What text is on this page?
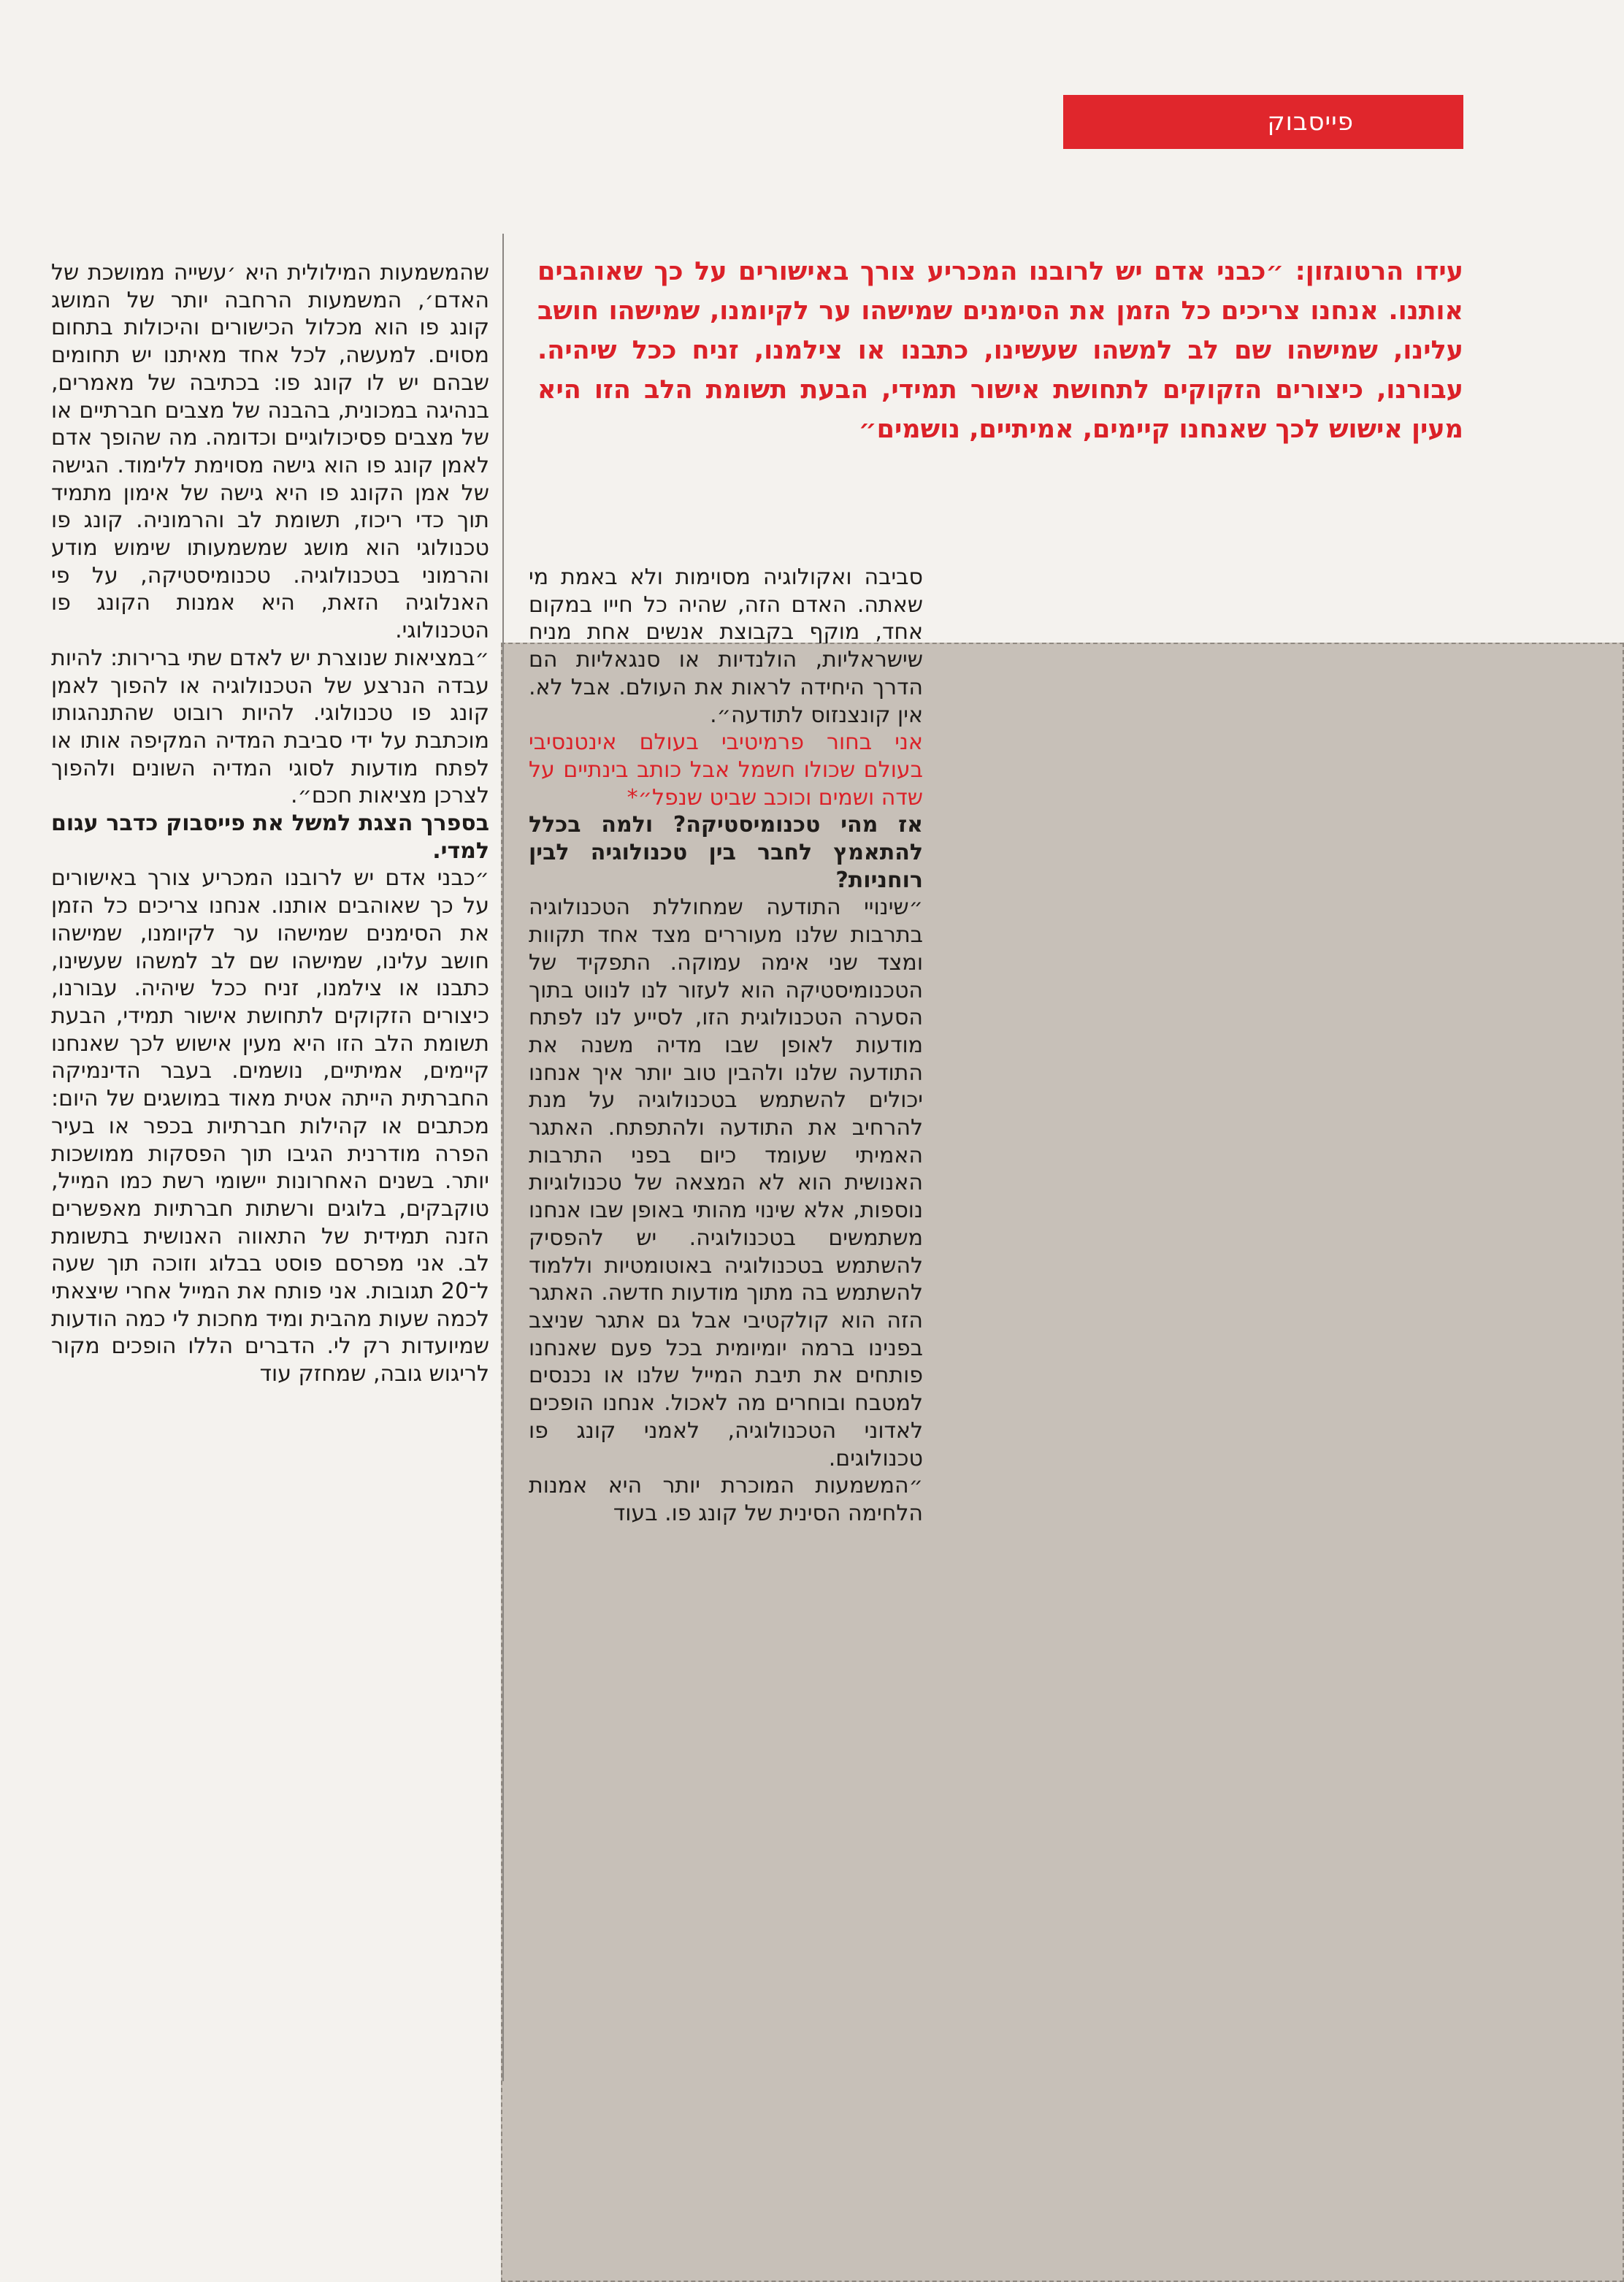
פייסבוק
עידו הרטוגזון: ״כבני אדם יש לרובנו המכריע צורך באישורים על כך שאוהבים אותנו. אנחנו צריכים כל הזמן את הסימנים שמישהו ער לקיומנו, שמישהו חושב עלינו, שמישהו שם לב למשהו שעשינו, כתבנו או צילמנו, זניח ככל שיהיה. עבורנו, כיצורים הזקוקים לתחושת אישור תמידי, הבעת תשומת הלב הזו היא מעין אישוש לכך שאנחנו קיימים, אמיתיים, נושמים״

סביבה ואקולוגיה מסוימות ולא באמת מי שאתה. האדם הזה, שהיה כל חייו במקום אחד, מוקף בקבוצת אנשים אחת מניח שישראליות, הולנדיות או סנגאליות הם הדרך היחידה לראות את העולם. אבל לא. אין קונצנזוס לתודעה״.

אני בחור פרמיטיבי בעולם אינטנסיבי בעולם שכולו חשמל אבל כותב בינתיים על שדה ושמים וכוכב שביט שנפל״*

אז מהי טכנומיסטיקה? ולמה בכלל להתאמץ לחבר בין טכנולוגיה לבין רוחניות?

״שינויי התודעה שמחוללת הטכנולוגיה בתרבות שלנו מעוררים מצד אחד תקוות ומצד שני אימה עמוקה. התפקיד של הטכנומיסטיקה הוא לעזור לנו לנווט בתוך הסערה הטכנולוגית הזו, לסייע לנו לפתח מודעות לאופן שבו מדיה משנה את התודעה שלנו ולהבין טוב יותר איך אנחנו יכולים להשתמש בטכנולוגיה על מנת להרחיב את התודעה ולהתפתח. האתגר האמיתי שעומד כיום בפני התרבות האנושית הוא לא המצאה של טכנולוגיות נוספות, אלא שינוי מהותי באופן שבו אנחנו משתמשים בטכנולוגיה. יש להפסיק להשתמש בטכנולוגיה באוטומטיות וללמוד להשתמש בה מתוך מודעות חדשה. האתגר הזה הוא קולקטיבי אבל גם אתגר שניצב בפנינו ברמה יומיומית בכל פעם שאנחנו פותחים את תיבת המייל שלנו או נכנסים למטבח ובוחרים מה לאכול. אנחנו הופכים לאדוני הטכנולוגיה, לאמני קונג פו טכנולוגים.

״המשמעות המוכרת יותר היא אמנות הלחימה הסינית של קונג פו. בעוד

שהמשמעות המילולית היא ׳עשייה ממושכת של האדם׳, המשמעות הרחבה יותר של המושג קונג פו הוא מכלול הכישורים והיכולות בתחום מסוים. למעשה, לכל אחד מאיתנו יש תחומים שבהם יש לו קונג פו: בכתיבה של מאמרים, בנהיגה במכונית, בהבנה של מצבים חברתיים או של מצבים פסיכולוגיים וכדומה. מה שהופך אדם לאמן קונג פו הוא גישה מסוימת ללימוד. הגישה של אמן הקונג פו היא גישה של אימון מתמיד תוך כדי ריכוז, תשומת לב והרמוניה. קונג פו טכנולוגי הוא מושג שמשמעותו שימוש מודע והרמוני בטכנולוגיה. טכנומיסטיקה, על פי האנלוגיה הזאת, היא אמנות הקונג פו הטכנולוגי.

״במציאות שנוצרת יש לאדם שתי ברירות: להיות עבדה הנרצע של הטכנולוגיה או להפוך לאמן קונג פו טכנולוגי. להיות רובוט שהתנהגותו מוכתבת על ידי סביבת המדיה המקיפה אותו או לפתח מודעות לסוגי המדיה השונים ולהפוך לצרכן מציאות חכם״.

בספרך הצגת למשל את פייסבוק כדבר עגום למדי.

״כבני אדם יש לרובנו המכריע צורך באישורים על כך שאוהבים אותנו. אנחנו צריכים כל הזמן את הסימנים שמישהו ער לקיומנו, שמישהו חושב עלינו, שמישהו שם לב למשהו שעשינו, כתבנו או צילמנו, זניח ככל שיהיה. עבורנו, כיצורים הזקוקים לתחושת אישור תמידי, הבעת תשומת הלב הזו היא מעין אישוש לכך שאנחנו קיימים, אמיתיים, נושמים. בעבר הדינמיקה החברתית הייתה אטית מאוד במושגים של היום: מכתבים או קהילות חברתיות בכפר או בעיר הפרה מודרנית הגיבו תוך הפסקות ממושכות יותר. בשנים האחרונות יישומי רשת כמו המייל, טוקבקים, בלוגים ורשתות חברתיות מאפשרים הזנה תמידית של התאווה האנושית בתשומת לב. אני מפרסם פוסט בבלוג וזוכה תוך שעה ל־20 תגובות. אני פותח את המייל אחרי שיצאתי לכמה שעות מהבית ומיד מחכות לי כמה הודעות שמיועדות רק לי. הדברים הללו הופכים מקור לריגוש גובה, שמחזק עוד
